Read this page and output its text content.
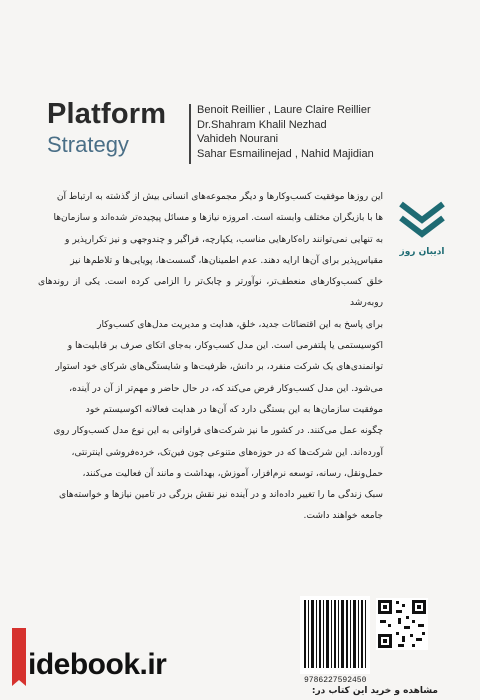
Platform
Strategy
Benoit Reillier , Laure Claire Reillier
Dr.Shahram Khalil Nezhad
Vahideh Nourani
Sahar Esmailinejad , Nahid Majidian
ادیبان روز
این روزها موفقیت کسب‌وکارها و دیگر مجموعه‌های انسانی بیش از گذشته به ارتباط آن
ها با بازیگران مختلف وابسته است. امروزه نیازها و مسائل پیچیده‌تر شده‌اند و سازمان‌ها
به تنهایی نمی‌توانند راه‌کارهایی مناسب، یکپارچه، فراگیر و چندوجهی و نیز تکرارپذیر و
مقیاس‌پذیر برای آن‌ها ارایه دهند. عدم اطمینان‌ها، گسست‌ها، پویایی‌ها و تلاطم‌ها نیز
خلق کسب‌وکارهای منعطف‌تر، نوآورتر و چابک‌تر را الزامی کرده است. یکی از روندهای رو‌به‌رشد
برای پاسخ به این اقتضائات جدید، خلق، هدایت و مدیریت مدل‌های کسب‌وکار
اکوسیستمی یا پلتفرمی است. این مدل کسب‌وکار، به‌جای اتکای صرف بر قابلیت‌ها و
توانمندی‌های یک شرکت منفرد، بر دانش، ظرفیت‌ها و شایستگی‌های شرکای خود استوار
می‌شود. این مدل کسب‌وکار فرض می‌کند که، در حال حاضر و مهم‌تر از آن در آینده،
موفقیت سازمان‌ها به این بستگی دارد که آن‌ها در هدایت فعالانه اکوسیستم خود
چگونه عمل می‌کنند. در کشور ما نیز شرکت‌های فراوانی به این نوع مدل کسب‌وکار روی
آورده‌اند. این شرکت‌ها که در حوزه‌های متنوعی چون فین‌تک، خرده‌فروشی اینترنتی،
حمل‌ونقل، رسانه، توسعه نرم‌افزار، آموزش، بهداشت و مانند آن فعالیت می‌کنند،
سبک زندگی ما را تغییر داده‌اند و در آینده نیز نقش بزرگی در تامین نیازها و خواسته‌های
جامعه خواهند داشت.
9786227592450
مشاهده و خرید این کتاب در:
idebook.ir
